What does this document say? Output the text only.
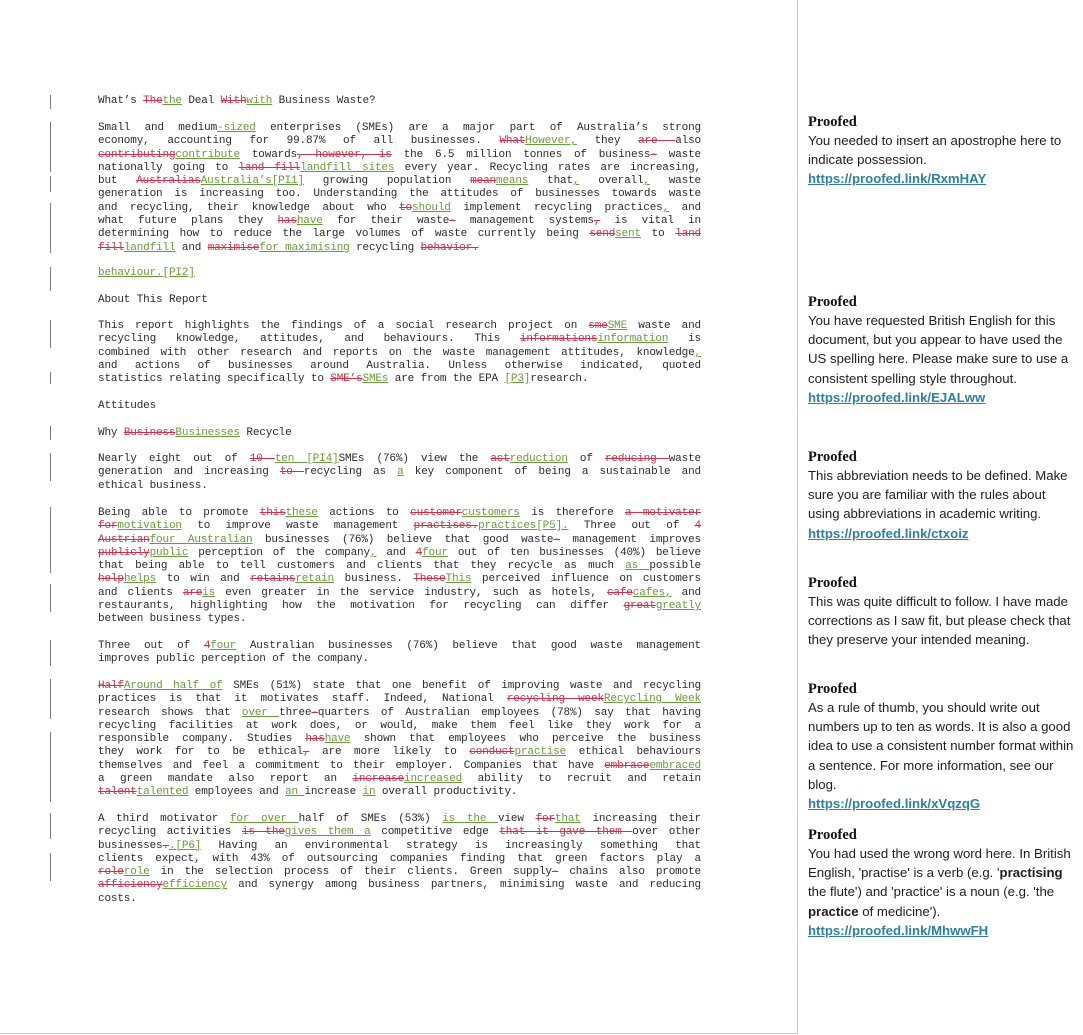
What’s Thethe Deal Withwith Business Waste?
Small and medium-sized enterprises (SMEs) are a major part of Australia’s strong
economy, accounting for 99.87% of all businesses. WhatHowever, they are also
contributingcontribute towards, however, is the 6.5 million tonnes of business- waste
nationally going to land filllandfill sites every year. Recycling rates are increasing,
but AustraliasAustralia’s[PI1] growing population meanmeans that, overall, waste
generation is increasing too. Understanding the attitudes of businesses towards waste
and recycling, their knowledge about who toshould implement recycling practices, and
what future plans they hashave for their waste- management systems, is vital in
determining how to reduce the large volumes of waste currently being sendsent to land
filllandfill and maximisefor maximising recycling behavior.
behaviour.[PI2]
About This Report
This report highlights the findings of a social research project on smeSME waste and
recycling knowledge, attitudes, and behaviours. This informationsinformation is
combined with other research and reports on the waste management attitudes, knowledge,
and actions of businesses around Australia. Unless otherwise indicated, quoted
statistics relating specifically to SME’sSMEs are from the EPA [P3]research.
Attitudes
Why BusinessBusinesses Recycle
Nearly eight out of 10 ten [PI4]SMEs (76%) view the actreduction of reducing waste
generation and increasing to recycling as a key component of being a sustainable and
ethical business.
Being able to promote thisthese actions to customercustomers is therefore a motivater
formotivation to improve waste management practises.practices[P5]. Three out of 4
Austrianfour Australian businesses (76%) believe that good waste- management improves
publiclypublic perception of the company, and 4four out of ten businesses (40%) believe
that being able to tell customers and clients that they recycle as much as possible
helphelps to win and retainsretain business. TheseThis perceived influence on customers
and clients areis even greater in the service industry, such as hotels, cafecafes, and
restaurants, highlighting how the motivation for recycling can differ greatgreatly
between business types.
Three out of 4four Australian businesses (76%) believe that good waste management
improves public perception of the company.
HalfAround half of SMEs (51%) state that one benefit of improving waste and recycling
practices is that it motivates staff. Indeed, National recycling weekRecycling Week
research shows that over three-quarters of Australian employees (78%) say that having
recycling facilities at work does, or would, make them feel like they work for a
responsible company. Studies hashave shown that employees who perceive the business
they work for to be ethical, are more likely to conductpractise ethical behaviours
themselves and feel a commitment to their employer. Companies that have embraceembraced
a green mandate also report an increaseincreased ability to recruit and retain
talenttalented employees and an increase in overall productivity.
A third motivator for over half of SMEs (53%) is the view forthat increasing their
recycling activities is thegives them a competitive edge that it gave them over other
businesses..[P6] Having an environmental strategy is increasingly something that
clients expect, with 43% of outsourcing companies finding that green factors play a
rolerole in the selection process of their clients. Green supply- chains also promote
afficiencyefficiency and synergy among business partners, minimising waste and reducing
costs.
Proofed
You needed to insert an apostrophe here to indicate possession.
https://proofed.link/RxmHAY
Proofed
You have requested British English for this document, but you appear to have used the US spelling here. Please make sure to use a consistent spelling style throughout.
https://proofed.link/EJALww
Proofed
This abbreviation needs to be defined. Make sure you are familiar with the rules about using abbreviations in academic writing.
https://proofed.link/ctxoiz
Proofed
This was quite difficult to follow. I have made corrections as I saw fit, but please check that they preserve your intended meaning.
Proofed
As a rule of thumb, you should write out numbers up to ten as words. It is also a good idea to use a consistent number format within a sentence. For more information, see our blog.
https://proofed.link/xVqzqG
Proofed
You had used the wrong word here. In British English, 'practise' is a verb (e.g. 'practising the flute') and 'practice' is a noun (e.g. 'the practice of medicine').
https://proofed.link/MhwwFH
